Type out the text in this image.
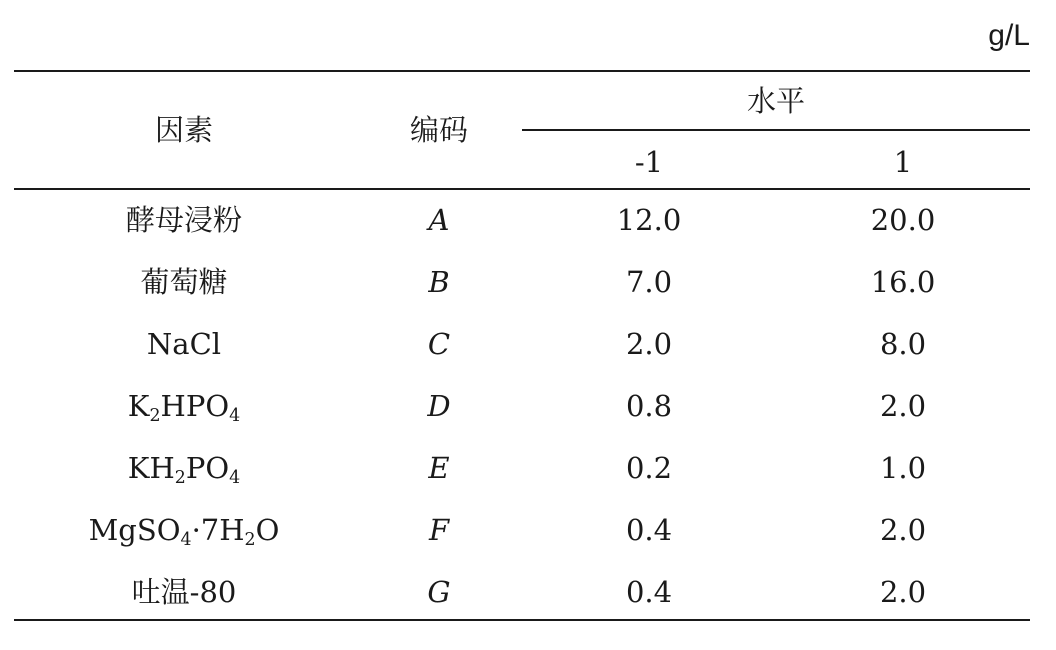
g/L
因素	编码
水平
-1	1
酵母浸粉	A	12.0	20.0
葡萄糖	B	7.0	16.0
NaCl	C	2.0	8.0
$K_2HPO_4$	D	0.8	2.0
$KH_2PO_4$	E	0.2	1.0
$MgSO_4\cdot 7H_2O$	F	0.4	2.0
吐温-80	G	0.4	2.0
